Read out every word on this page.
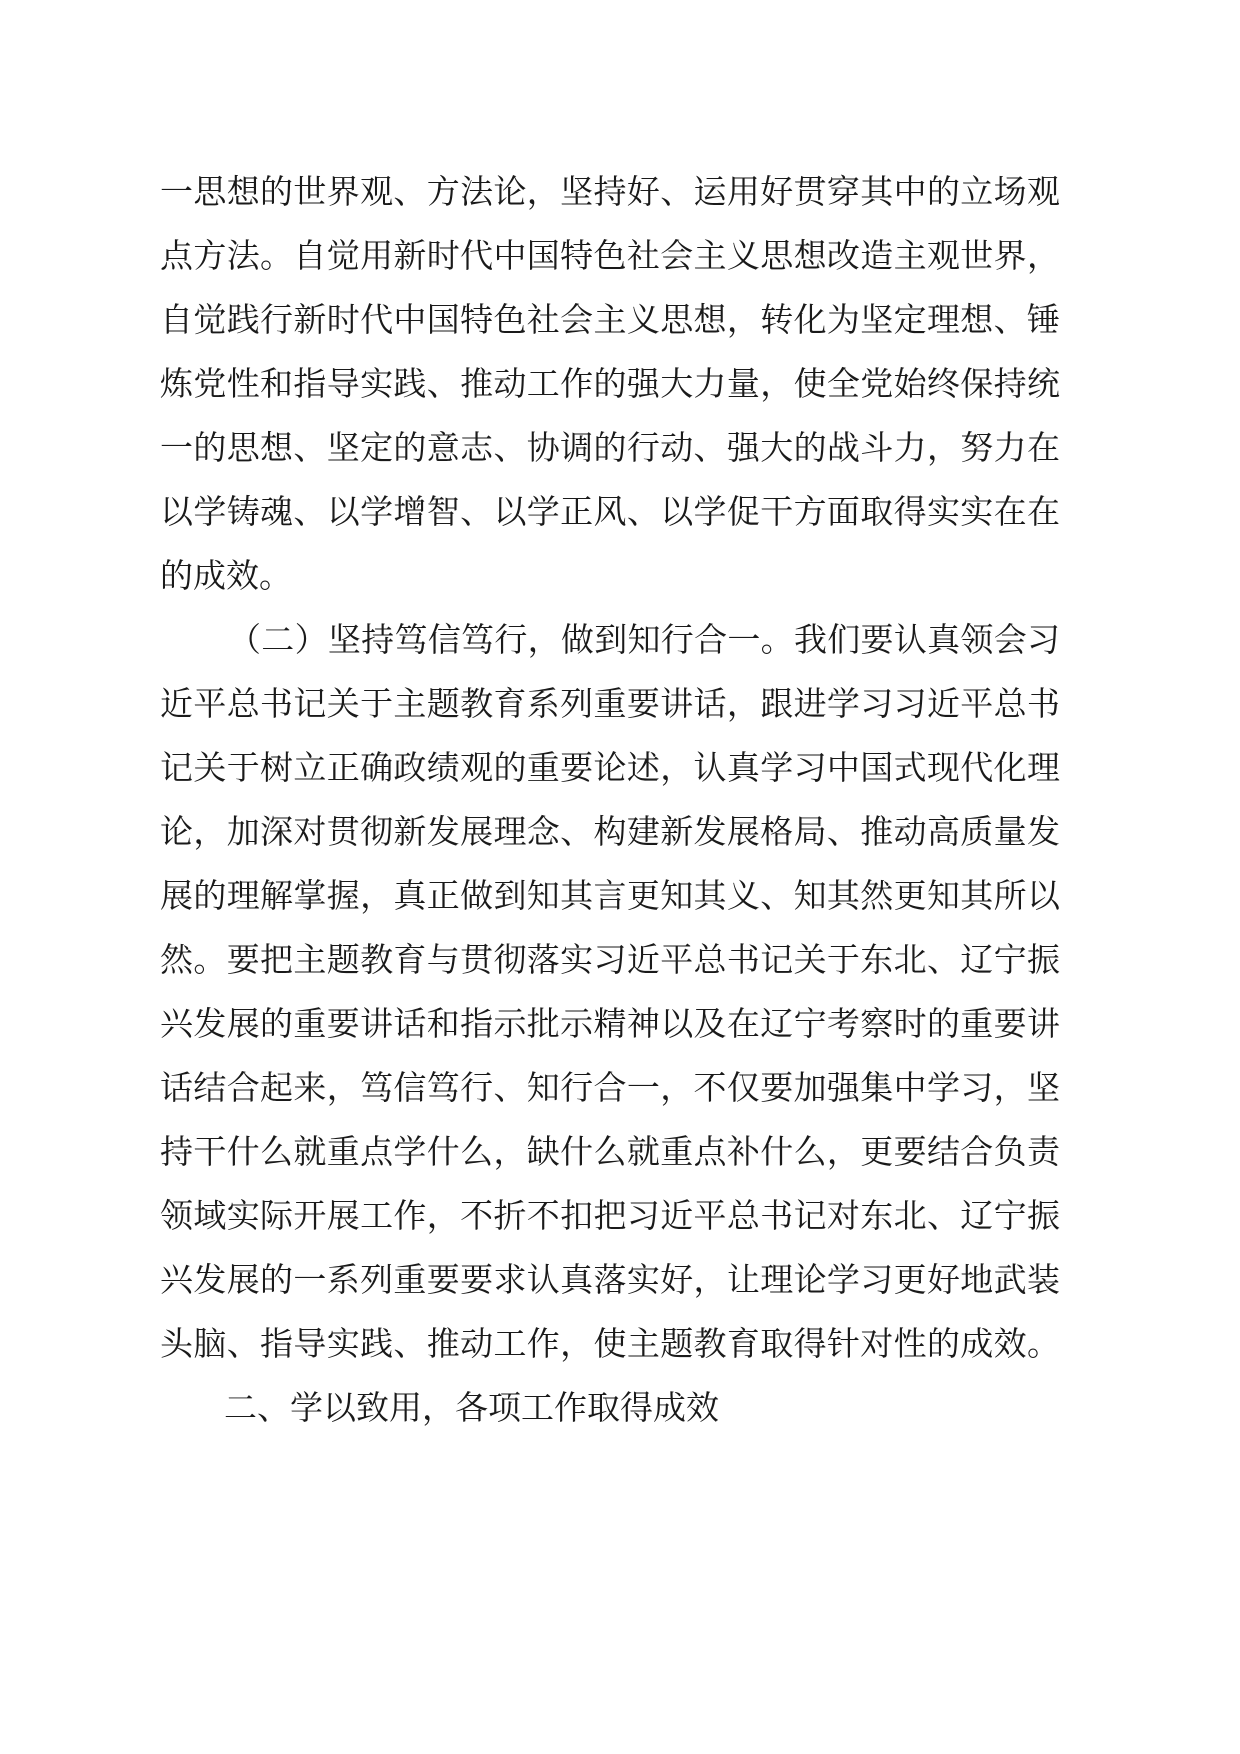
一思想的世界观、方法论，坚持好、运用好贯穿其中的立场观
点方法。自觉用新时代中国特色社会主义思想改造主观世界，
自觉践行新时代中国特色社会主义思想，转化为坚定理想、锤
炼党性和指导实践、推动工作的强大力量，使全党始终保持统
一的思想、坚定的意志、协调的行动、强大的战斗力，努力在
以学铸魂、以学增智、以学正风、以学促干方面取得实实在在
的成效。
（二）坚持笃信笃行，做到知行合一。我们要认真领会习
近平总书记关于主题教育系列重要讲话，跟进学习习近平总书
记关于树立正确政绩观的重要论述，认真学习中国式现代化理
论，加深对贯彻新发展理念、构建新发展格局、推动高质量发
展的理解掌握，真正做到知其言更知其义、知其然更知其所以
然。要把主题教育与贯彻落实习近平总书记关于东北、辽宁振
兴发展的重要讲话和指示批示精神以及在辽宁考察时的重要讲
话结合起来，笃信笃行、知行合一，不仅要加强集中学习，坚
持干什么就重点学什么，缺什么就重点补什么，更要结合负责
领域实际开展工作，不折不扣把习近平总书记对东北、辽宁振
兴发展的一系列重要要求认真落实好，让理论学习更好地武装
头脑、指导实践、推动工作，使主题教育取得针对性的成效。
二、学以致用，各项工作取得成效
